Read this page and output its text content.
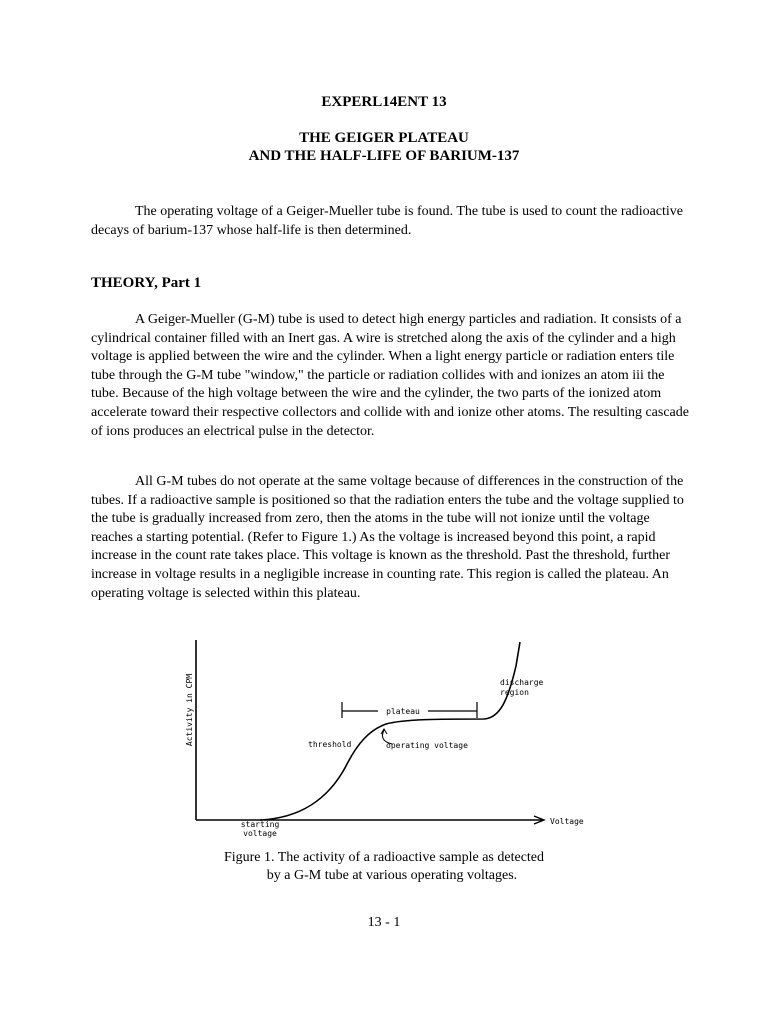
EXPERL14ENT 13
THE GEIGER PLATEAU
AND THE HALF-LIFE OF BARIUM-137
The operating voltage of a Geiger-Mueller tube is found. The tube is used to count the radioactive decays of barium-137 whose half-life is then determined.
THEORY, Part 1
A Geiger-Mueller (G-M) tube is used to detect high energy particles and radiation. It consists of a cylindrical container filled with an Inert gas. A wire is stretched along the axis of the cylinder and a high voltage is applied between the wire and the cylinder. When a light energy particle or radiation enters tile tube through the G-M tube "window," the particle or radiation collides with and ionizes an atom iii the tube. Because of the high voltage between the wire and the cylinder, the two parts of the ionized atom accelerate toward their respective collectors and collide with and ionize other atoms. The resulting cascade of ions produces an electrical pulse in the detector.
All G-M tubes do not operate at the same voltage because of differences in the construction of the tubes. If a radioactive sample is positioned so that the radiation enters the tube and the voltage supplied to the tube is gradually increased from zero, then the atoms in the tube will not ionize until the voltage reaches a starting potential. (Refer to Figure 1.) As the voltage is increased beyond this point, a rapid increase in the count rate takes place. This voltage is known as the threshold. Past the threshold, further increase in voltage results in a negligible increase in counting rate. This region is called the plateau. An operating voltage is selected within this plateau.
Activity in CPM
Voltage
plateau
threshold	operating voltage
discharge
region
starting
voltage
Figure 1. The activity of a radioactive sample as detected
by a G-M tube at various operating voltages.
13 - 1
